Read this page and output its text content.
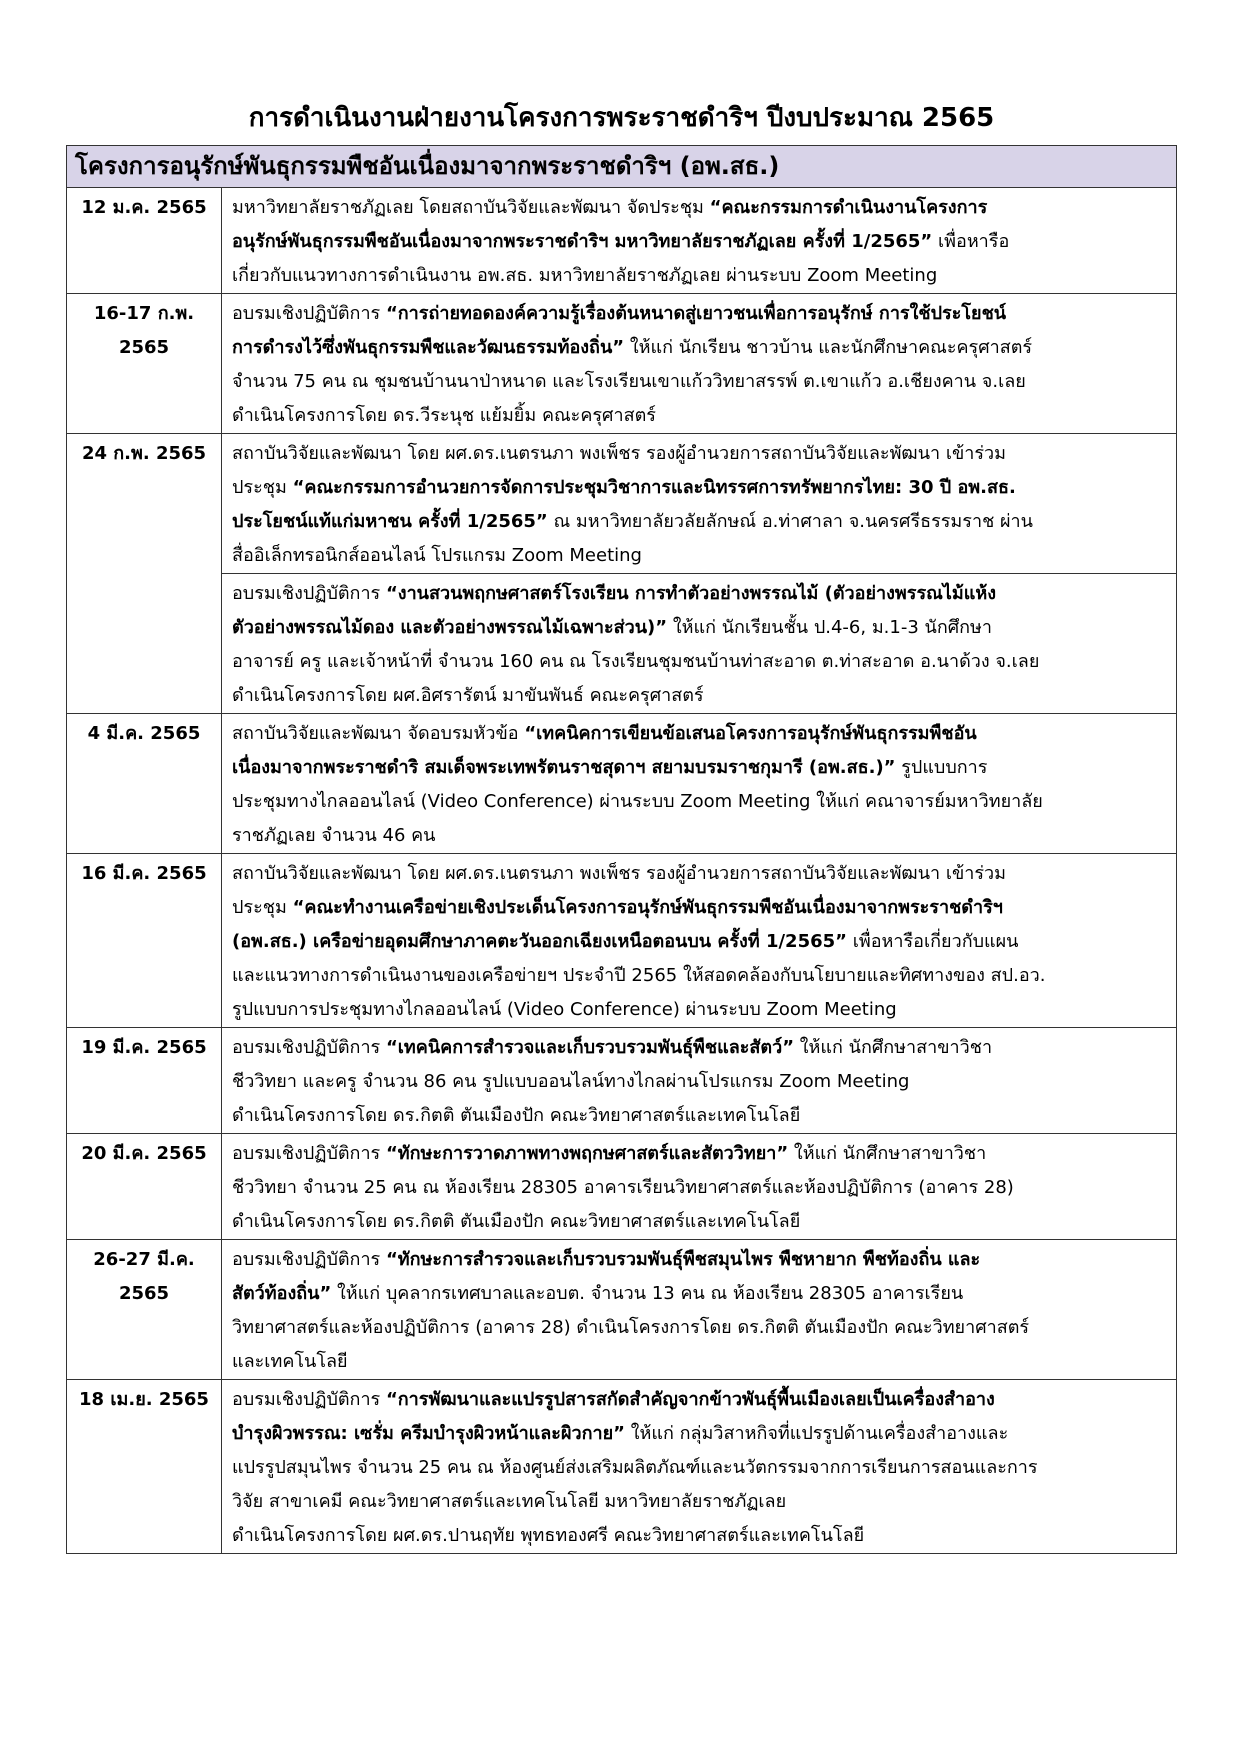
การดำเนินงานฝ่ายงานโครงการพระราชดำริฯ ปีงบประมาณ 2565
โครงการอนุรักษ์พันธุกรรมพืชอันเนื่องมาจากพระราชดำริฯ (อพ.สธ.)	

12 ม.ค. 2565	มหาวิทยาลัยราชภัฏเลย โดยสถาบันวิจัยและพัฒนา จัดประชุม “คณะกรรมการดำเนินงานโครงการ
อนุรักษ์พันธุกรรมพืชอันเนื่องมาจากพระราชดำริฯ มหาวิทยาลัยราชภัฏเลย ครั้งที่ 1/2565” เพื่อหารือ
เกี่ยวกับแนวทางการดำเนินงาน อพ.สธ. มหาวิทยาลัยราชภัฏเลย ผ่านระบบ Zoom Meeting

16-17 ก.พ.
2565	อบรมเชิงปฏิบัติการ “การถ่ายทอดองค์ความรู้เรื่องต้นหนาดสู่เยาวชนเพื่อการอนุรักษ์ การใช้ประโยชน์
การดำรงไว้ซึ่งพันธุกรรมพืชและวัฒนธรรมท้องถิ่น” ให้แก่ นักเรียน ชาวบ้าน และนักศึกษาคณะครุศาสตร์
จำนวน 75 คน ณ ชุมชนบ้านนาป่าหนาด และโรงเรียนเขาแก้ววิทยาสรรพ์ ต.เขาแก้ว อ.เชียงคาน จ.เลย
ดำเนินโครงการโดย ดร.วีระนุช แย้มยิ้ม คณะครุศาสตร์

24 ก.พ. 2565	สถาบันวิจัยและพัฒนา โดย ผศ.ดร.เนตรนภา พงเพ็ชร รองผู้อำนวยการสถาบันวิจัยและพัฒนา เข้าร่วม
ประชุม “คณะกรรมการอำนวยการจัดการประชุมวิชาการและนิทรรศการทรัพยากรไทย: 30 ปี อพ.สธ.
ประโยชน์แท้แก่มหาชน ครั้งที่ 1/2565” ณ มหาวิทยาลัยวลัยลักษณ์ อ.ท่าศาลา จ.นครศรีธรรมราช ผ่าน
สื่ออิเล็กทรอนิกส์ออนไลน์ โปรแกรม Zoom Meeting

	อบรมเชิงปฏิบัติการ “งานสวนพฤกษศาสตร์โรงเรียน การทำตัวอย่างพรรณไม้ (ตัวอย่างพรรณไม้แห้ง
ตัวอย่างพรรณไม้ดอง และตัวอย่างพรรณไม้เฉพาะส่วน)” ให้แก่ นักเรียนชั้น ป.4-6, ม.1-3 นักศึกษา
อาจารย์ ครู และเจ้าหน้าที่ จำนวน 160 คน ณ โรงเรียนชุมชนบ้านท่าสะอาด ต.ท่าสะอาด อ.นาด้วง จ.เลย
ดำเนินโครงการโดย ผศ.อิศรารัตน์ มาขันพันธ์ คณะครุศาสตร์

4 มี.ค. 2565	สถาบันวิจัยและพัฒนา จัดอบรมหัวข้อ “เทคนิคการเขียนข้อเสนอโครงการอนุรักษ์พันธุกรรมพืชอัน
เนื่องมาจากพระราชดำริ สมเด็จพระเทพรัตนราชสุดาฯ สยามบรมราชกุมารี (อพ.สธ.)” รูปแบบการ
ประชุมทางไกลออนไลน์ (Video Conference) ผ่านระบบ Zoom Meeting ให้แก่ คณาจารย์มหาวิทยาลัย
ราชภัฏเลย จำนวน 46 คน

16 มี.ค. 2565	สถาบันวิจัยและพัฒนา โดย ผศ.ดร.เนตรนภา พงเพ็ชร รองผู้อำนวยการสถาบันวิจัยและพัฒนา เข้าร่วม
ประชุม “คณะทำงานเครือข่ายเชิงประเด็นโครงการอนุรักษ์พันธุกรรมพืชอันเนื่องมาจากพระราชดำริฯ
(อพ.สธ.) เครือข่ายอุดมศึกษาภาคตะวันออกเฉียงเหนือตอนบน ครั้งที่ 1/2565” เพื่อหารือเกี่ยวกับแผน
และแนวทางการดำเนินงานของเครือข่ายฯ ประจำปี 2565 ให้สอดคล้องกับนโยบายและทิศทางของ สป.อว.
รูปแบบการประชุมทางไกลออนไลน์ (Video Conference) ผ่านระบบ Zoom Meeting

19 มี.ค. 2565	อบรมเชิงปฏิบัติการ “เทคนิคการสำรวจและเก็บรวบรวมพันธุ์พืชและสัตว์” ให้แก่ นักศึกษาสาขาวิชา
ชีววิทยา และครู จำนวน 86 คน รูปแบบออนไลน์ทางไกลผ่านโปรแกรม Zoom Meeting
ดำเนินโครงการโดย ดร.กิตติ ตันเมืองปัก คณะวิทยาศาสตร์และเทคโนโลยี

20 มี.ค. 2565	อบรมเชิงปฏิบัติการ “ทักษะการวาดภาพทางพฤกษศาสตร์และสัตววิทยา” ให้แก่ นักศึกษาสาขาวิชา
ชีววิทยา จำนวน 25 คน ณ ห้องเรียน 28305 อาคารเรียนวิทยาศาสตร์และห้องปฏิบัติการ (อาคาร 28)
ดำเนินโครงการโดย ดร.กิตติ ตันเมืองปัก คณะวิทยาศาสตร์และเทคโนโลยี

26-27 มี.ค.
2565	อบรมเชิงปฏิบัติการ “ทักษะการสำรวจและเก็บรวบรวมพันธุ์พืชสมุนไพร พืชหายาก พืชท้องถิ่น และ
สัตว์ท้องถิ่น” ให้แก่ บุคลากรเทศบาลและอบต. จำนวน 13 คน ณ ห้องเรียน 28305 อาคารเรียน
วิทยาศาสตร์และห้องปฏิบัติการ (อาคาร 28) ดำเนินโครงการโดย ดร.กิตติ ตันเมืองปัก คณะวิทยาศาสตร์
และเทคโนโลยี

18 เม.ย. 2565	อบรมเชิงปฏิบัติการ “การพัฒนาและแปรรูปสารสกัดสำคัญจากข้าวพันธุ์พื้นเมืองเลยเป็นเครื่องสำอาง
บำรุงผิวพรรณ: เซรั่ม ครีมบำรุงผิวหน้าและผิวกาย” ให้แก่ กลุ่มวิสาหกิจที่แปรรูปด้านเครื่องสำอางและ
แปรรูปสมุนไพร จำนวน 25 คน ณ ห้องศูนย์ส่งเสริมผลิตภัณฑ์และนวัตกรรมจากการเรียนการสอนและการ
วิจัย สาขาเคมี คณะวิทยาศาสตร์และเทคโนโลยี มหาวิทยาลัยราชภัฏเลย
ดำเนินโครงการโดย ผศ.ดร.ปานฤทัย พุทธทองศรี คณะวิทยาศาสตร์และเทคโนโลยี
